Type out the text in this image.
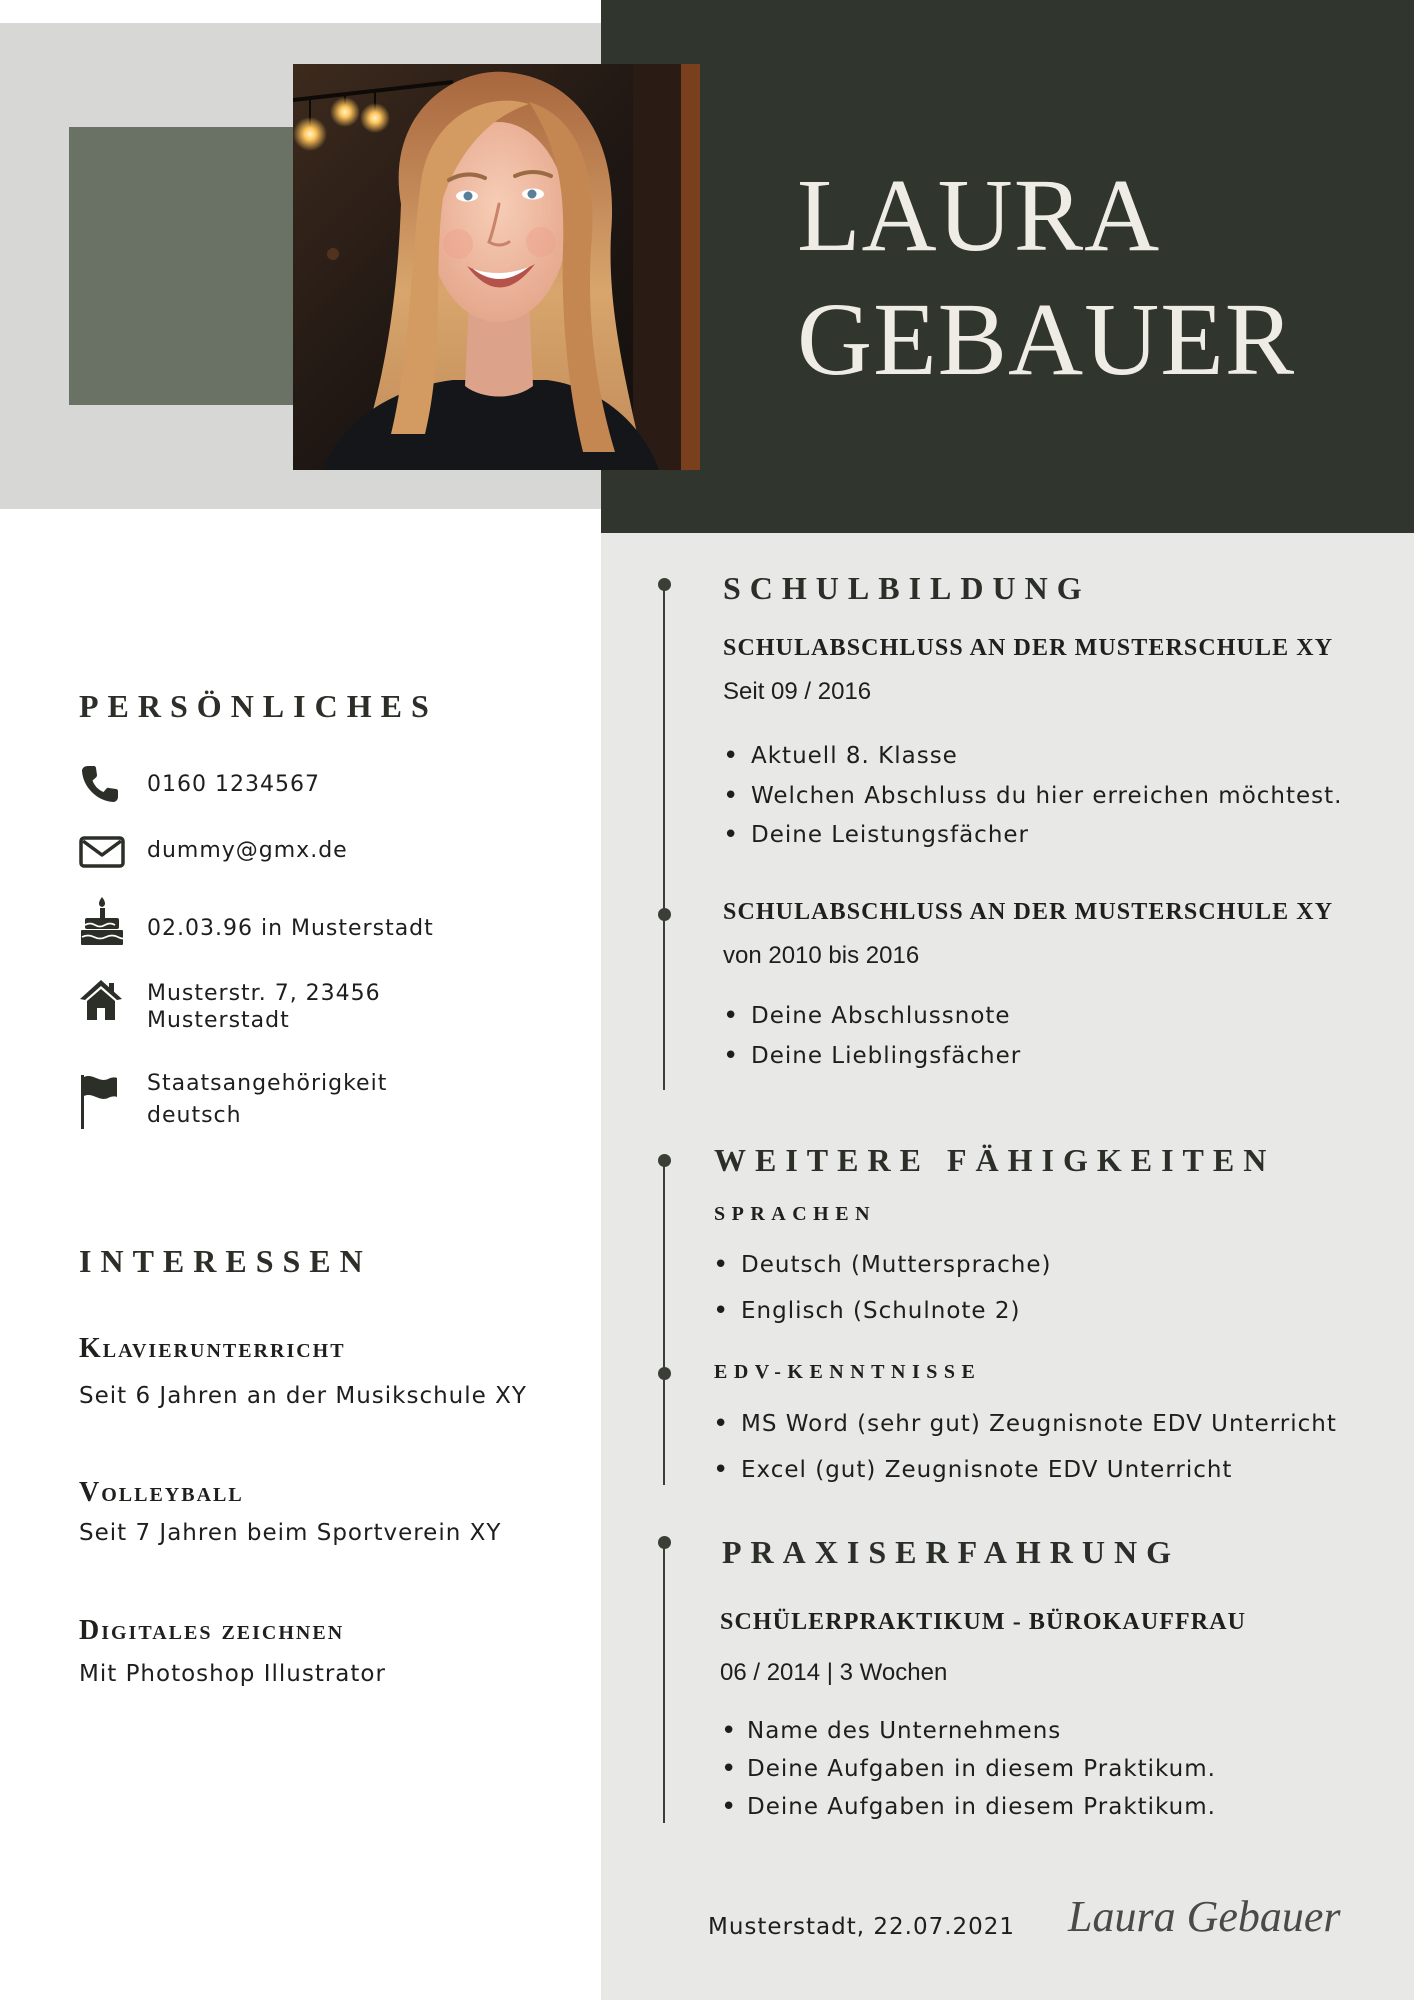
LAURA
GEBAUER
PERSÖNLICHES
0160 1234567
dummy@gmx.de
02.03.96 in Musterstadt
Musterstr. 7, 23456
Musterstadt
Staatsangehörigkeit
deutsch
INTERESSEN
Klavierunterricht
Seit 6 Jahren an der Musikschule XY
Volleyball
Seit 7 Jahren beim Sportverein XY
Digitales zeichnen
Mit Photoshop Illustrator
SCHULBILDUNG
SCHULABSCHLUSS AN DER MUSTERSCHULE XY
Seit 09 / 2016
• Aktuell 8. Klasse
• Welchen Abschluss du hier erreichen möchtest.
• Deine Leistungsfächer
SCHULABSCHLUSS AN DER MUSTERSCHULE XY
von 2010 bis 2016
• Deine Abschlussnote
• Deine Lieblingsfächer
WEITERE FÄHIGKEITEN
SPRACHEN
• Deutsch (Muttersprache)
• Englisch (Schulnote 2)
EDV-KENNTNISSE
• MS Word (sehr gut) Zeugnisnote EDV Unterricht
• Excel (gut) Zeugnisnote EDV Unterricht
PRAXISERFAHRUNG
SCHÜLERPRAKTIKUM - BÜROKAUFFRAU
06 / 2014 | 3 Wochen
• Name des Unternehmens
• Deine Aufgaben in diesem Praktikum.
• Deine Aufgaben in diesem Praktikum.
Musterstadt, 22.07.2021 Laura Gebauer
